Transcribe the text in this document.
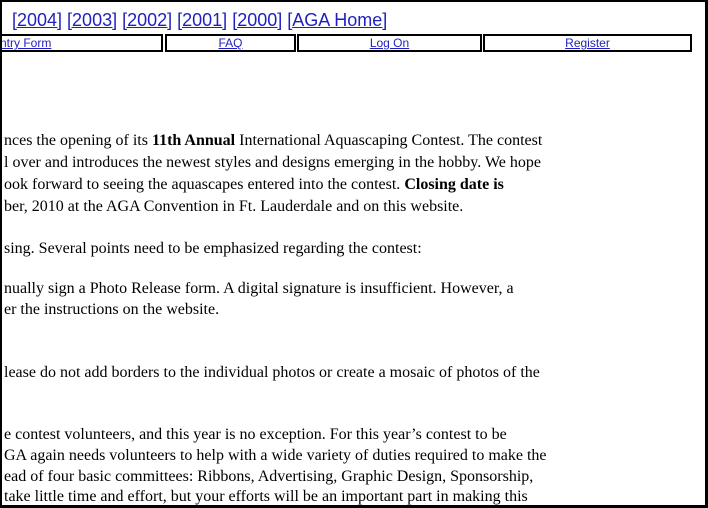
[2004] [2003] [2002] [2001] [2000] [AGA Home]
ntry Form	FAQ	Log On	Register

nces the opening of its 11th Annual International Aquascaping Contest. The contest

l over and introduces the newest styles and designs emerging in the hobby. We hope

ook forward to seeing the aquascapes entered into the contest. Closing date is

ber, 2010 at the AGA Convention in Ft. Lauderdale and on this website.

sing. Several points need to be emphasized regarding the contest:

nually sign a Photo Release form. A digital signature is insufficient. However, a

er the instructions on the website.

lease do not add borders to the individual photos or create a mosaic of photos of the

e contest volunteers, and this year is no exception. For this year’s contest to be

GA again needs volunteers to help with a wide variety of duties required to make the

ead of four basic committees: Ribbons, Advertising, Graphic Design, Sponsorship,

take little time and effort, but your efforts will be an important part in making this
